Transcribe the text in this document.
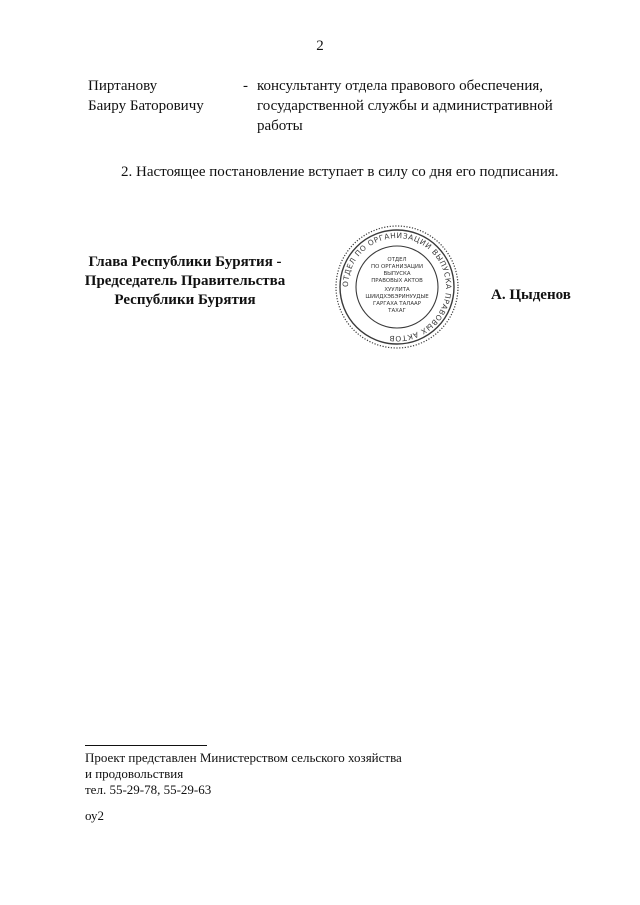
2
Пиртанову
Баиру Баторовичу
- консультанту отдела правового обеспечения,
государственной службы и административной
работы
2. Настоящее постановление вступает в силу со дня его подписания.
Глава Республики Бурятия -
Председатель Правительства
Республики Бурятия
ОТДЕЛ ПО ОРГАНИЗАЦИИ ВЫПУСКА ПРАВОВЫХ АКТОВ
ОТДЕЛ
ПО ОРГАНИЗАЦИИ
ВЫПУСКА
ПРАВОВЫХ АКТОВ
ХУУЛИТА
ШИИДХЭБЭРИНУУДЫЕ
ГАРГАХА ТАЛААР
ТАХАГ
А. Цыденов
Проект представлен Министерством сельского хозяйства
и продовольствия
тел. 55-29-78, 55-29-63
оу2
